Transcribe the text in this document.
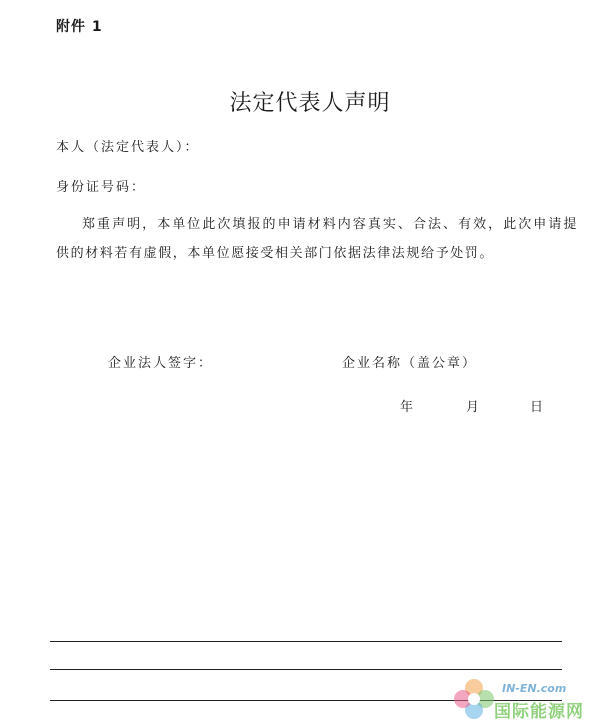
附件 1
法定代表人声明
本人（法定代表人）：
身份证号码：

郑重声明，本单位此次填报的申请材料内容真实、合法、有效，此次申请提供的材料若有虚假，本单位愿接受相关部门依据法律法规给予处罚。

企业法人签字：	企业名称（盖公章）
年	月	日
IN-EN.com
国际能源网
